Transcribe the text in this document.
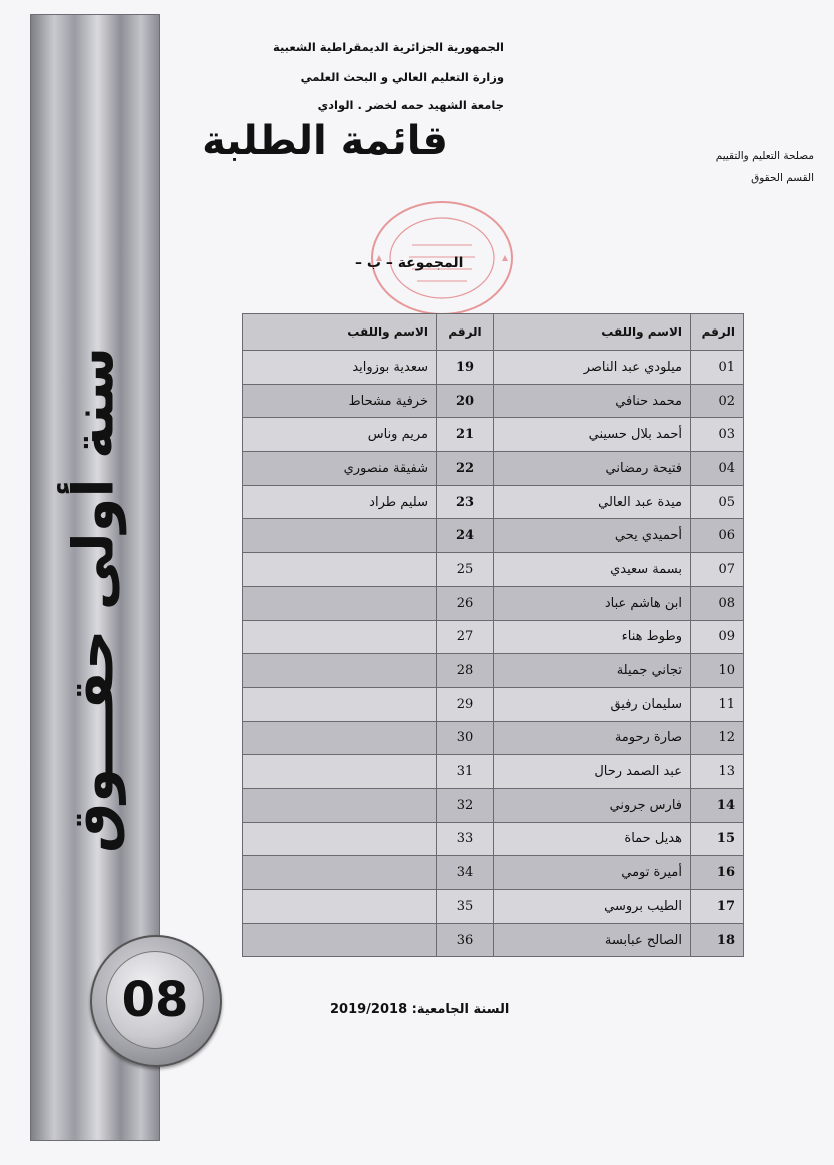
سنة أولى حقـــوق
08
الجمهورية الجزائرية الديمقراطية الشعبية
وزارة التعليم العالي و البحث العلمي
جامعة الشهيد حمه لخضر . الوادي
قائمة الطلبة	مصلحة التعليم والتقييم
القسم الحقوق
المجموعة – ب –
الرقم	الاسم واللقب	الرقم	الاسم واللقب
01	ميلودي عبد الناصر	19	سعدية بوزوايد
02	محمد حنافي	20	خرفية مشحاط
03	أحمد بلال حسيني	21	مريم وناس
04	فتيحة رمضاني	22	شفيقة منصوري
05	ميدة عبد العالي	23	سليم طراد
06	أحميدي يحي	24	
07	بسمة سعيدي	25	
08	ابن هاشم عباد	26	
09	وطوط هناء	27	
10	تجاني جميلة	28	
11	سليمان رفيق	29	
12	صارة رحومة	30	
13	عبد الصمد رحال	31	
14	فارس جروني	32	
15	هديل حماة	33	
16	أميرة تومي	34	
17	الطيب بروسي	35	
18	الصالح عبابسة	36	
السنة الجامعية: 2019/2018
